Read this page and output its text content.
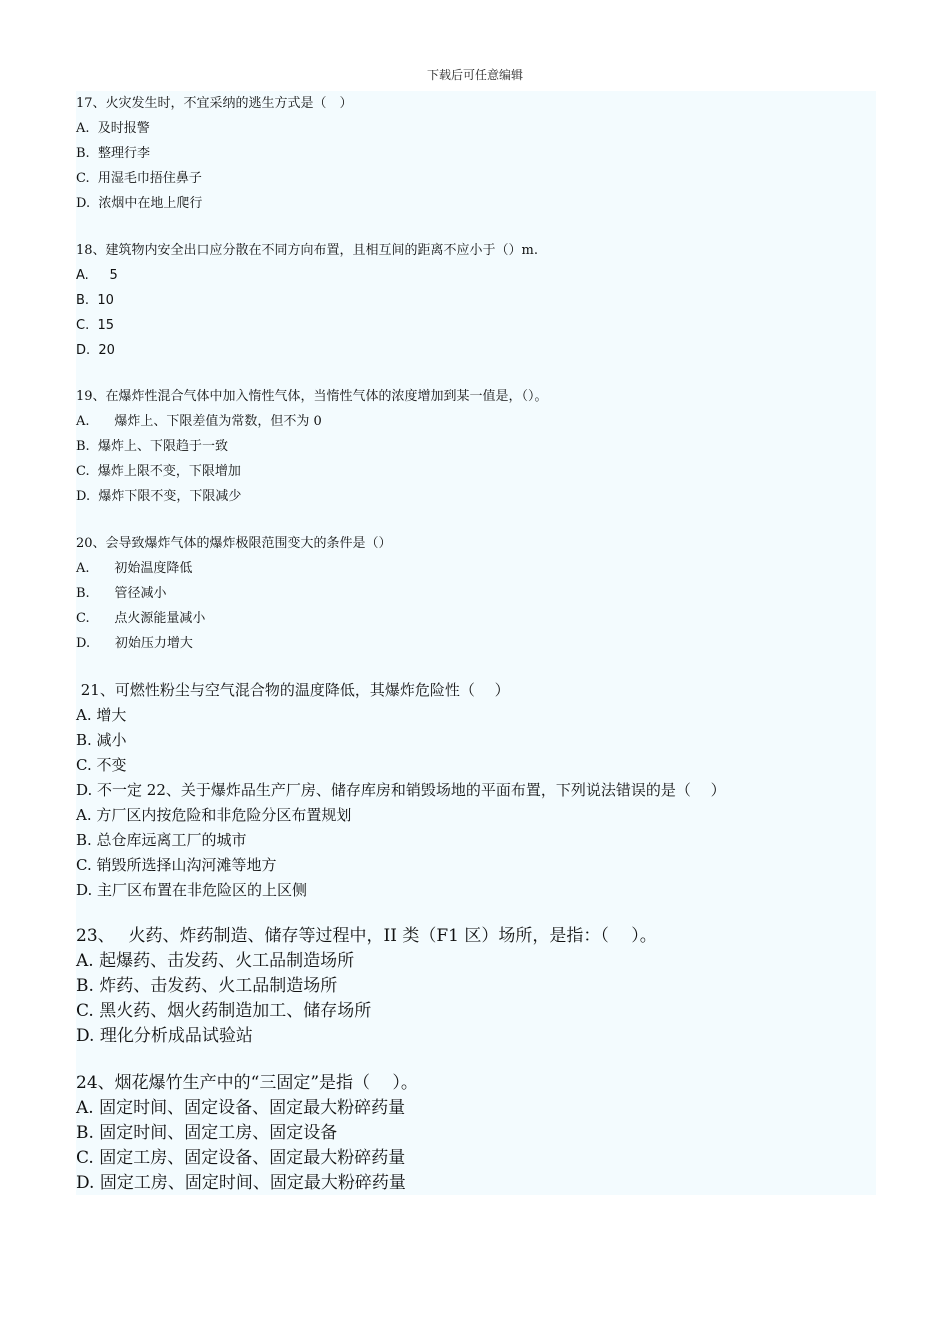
下载后可任意编辑
17、火灾发生时，不宜采纳的逃生方式是（　）
A.  及时报警
B.  整理行李
C.  用湿毛巾捂住鼻子
D.  浓烟中在地上爬行
18、建筑物内安全出口应分散在不同方向布置，且相互间的距离不应小于（）m.
A.     5
B.  10
C.  15
D.  20
19、在爆炸性混合气体中加入惰性气体，当惰性气体的浓度增加到某一值是，（）。
A.      爆炸上、下限差值为常数，但不为 0
B.  爆炸上、下限趋于一致
C.  爆炸上限不变，下限增加
D.  爆炸下限不变，下限减少
20、会导致爆炸气体的爆炸极限范围变大的条件是（）
A.      初始温度降低
B.      管径减小
C.      点火源能量减小
D.      初始压力增大
21、可燃性粉尘与空气混合物的温度降低，其爆炸危险性（　 ）
A. 增大
B. 减小
C. 不变
D. 不一定 22、关于爆炸品生产厂房、储存库房和销毁场地的平面布置，下列说法错误的是（　 ）
A. 方厂区内按危险和非危险分区布置规划
B. 总仓库远离工厂的城市
C. 销毁所选择山沟河滩等地方
D. 主厂区布置在非危险区的上区侧
23、　 火药、炸药制造、储存等过程中，II 类（F1 区）场所，是指：（　 ）。
A. 起爆药、击发药、火工品制造场所
B. 炸药、击发药、火工品制造场所
C. 黑火药、烟火药制造加工、储存场所
D. 理化分析成品试验站
24、烟花爆竹生产中的“三固定”是指（　 ）。
A. 固定时间、固定设备、固定最大粉碎药量
B. 固定时间、固定工房、固定设备
C. 固定工房、固定设备、固定最大粉碎药量
D. 固定工房、固定时间、固定最大粉碎药量
